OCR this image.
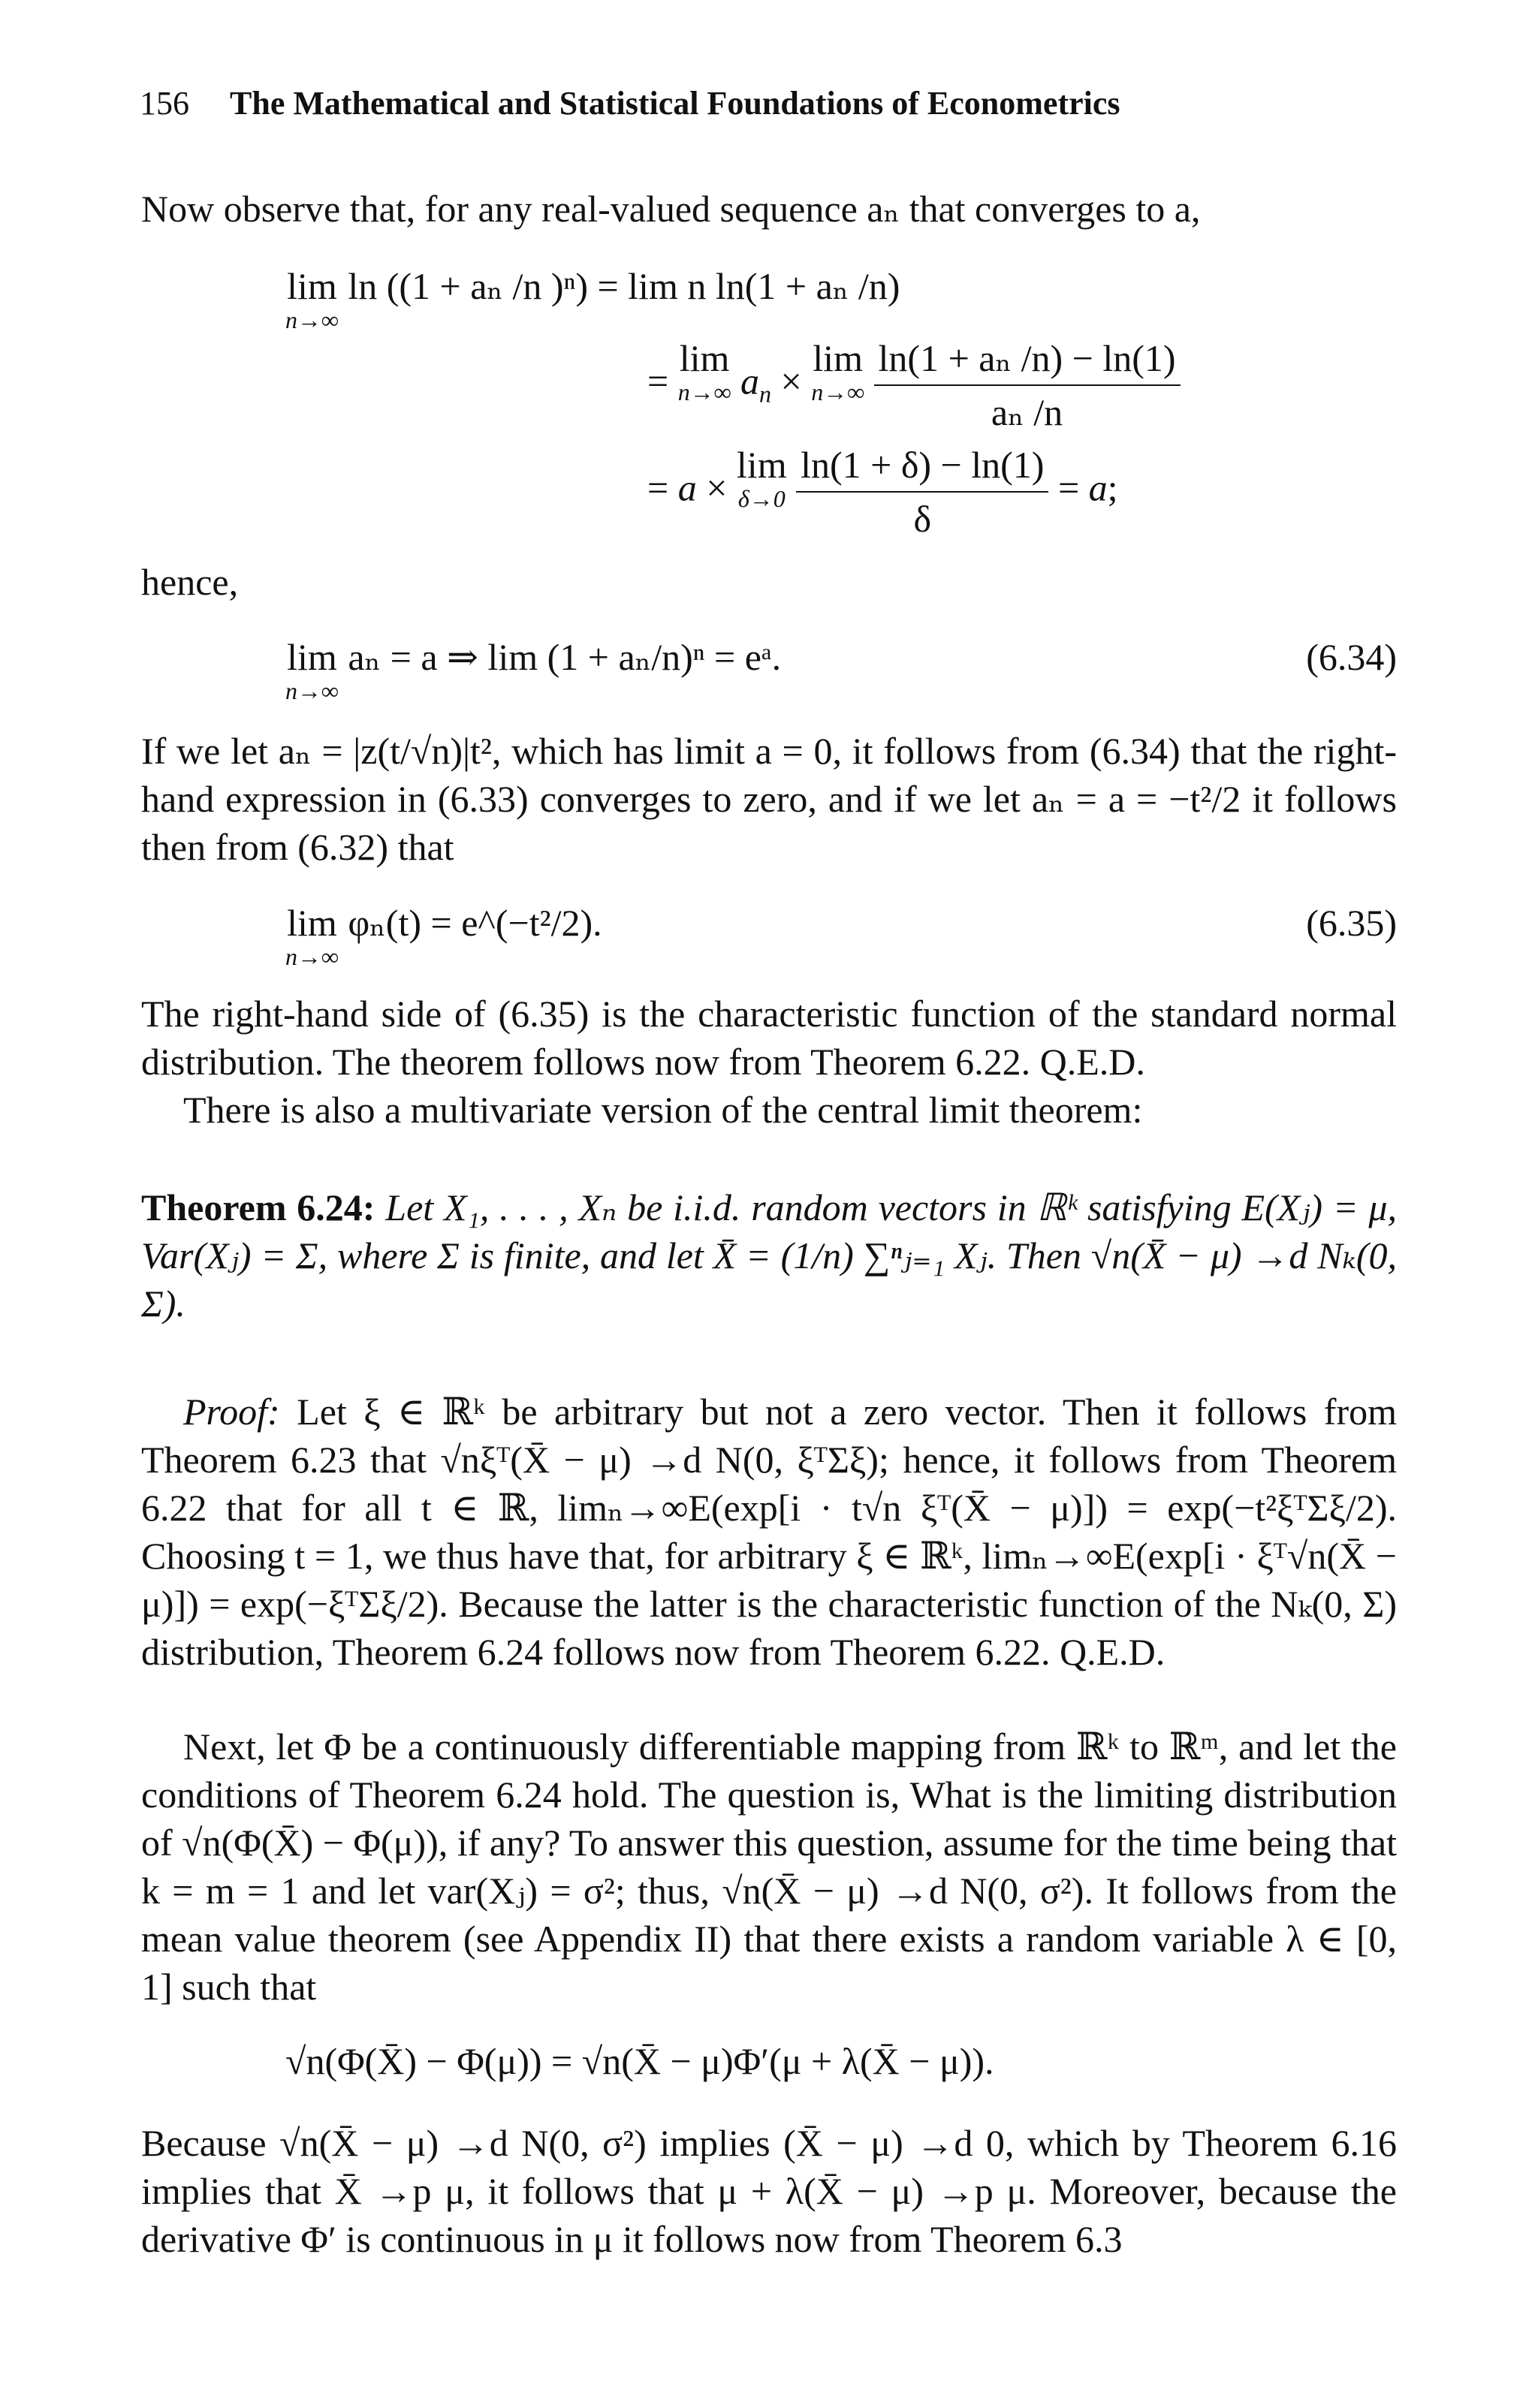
156 The Mathematical and Statistical Foundations of Econometrics
Now observe that, for any real-valued sequence aₙ that converges to a,
lim
n→∞
ln ((1 + aₙ /n )ⁿ) = lim n ln(1 + aₙ /n)
=
lim
n→∞ $a_n$ ×
lim
n→∞
$\frac{\text{ln(1 + aₙ /n) − ln(1)}}{\text{aₙ /n}}$
= a ×
lim
δ→0
$\frac{\ln(1 + \delta) - \ln(1)}{\delta} = a$;
hence,
lim
n→∞
aₙ = a ⇒ lim (1 + aₙ/n)ⁿ = eᵃ.	(6.34)
If we let aₙ = |z(t/√n)|t², which has limit a = 0, it follows from (6.34) that the right-hand expression in (6.33) converges to zero, and if we let aₙ = a = −t²/2 it follows then from (6.32) that
lim
n→∞
φₙ(t) = e^(−t²/2).	(6.35)
The right-hand side of (6.35) is the characteristic function of the standard normal distribution. The theorem follows now from Theorem 6.22. Q.E.D.
There is also a multivariate version of the central limit theorem:
Theorem 6.24: Let X₁, . . . , Xₙ be i.i.d. random vectors in ℝᵏ satisfying E(Xⱼ) = μ, Var(Xⱼ) = Σ, where Σ is finite, and let X̄ = (1/n) ∑ⁿⱼ₌₁ Xⱼ. Then √n(X̄ − μ) →d Nₖ(0, Σ).
Proof: Let ξ ∈ ℝᵏ be arbitrary but not a zero vector. Then it follows from Theorem 6.23 that √nξᵀ(X̄ − μ) →d N(0, ξᵀΣξ); hence, it follows from Theorem 6.22 that for all t ∈ ℝ, limₙ→∞E(exp[i · t√n ξᵀ(X̄ − μ)]) = exp(−t²ξᵀΣξ/2). Choosing t = 1, we thus have that, for arbitrary ξ ∈ ℝᵏ, limₙ→∞E(exp[i · ξᵀ√n(X̄ − μ)]) = exp(−ξᵀΣξ/2). Because the latter is the characteristic function of the Nₖ(0, Σ) distribution, Theorem 6.24 follows now from Theorem 6.22. Q.E.D.
Next, let Φ be a continuously differentiable mapping from ℝᵏ to ℝᵐ, and let the conditions of Theorem 6.24 hold. The question is, What is the limiting distribution of √n(Φ(X̄) − Φ(μ)), if any? To answer this question, assume for the time being that k = m = 1 and let var(Xⱼ) = σ²; thus, √n(X̄ − μ) →d N(0, σ²). It follows from the mean value theorem (see Appendix II) that there exists a random variable λ ∈ [0, 1] such that
√n(Φ(X̄) − Φ(μ)) = √n(X̄ − μ)Φ′(μ + λ(X̄ − μ)).
Because √n(X̄ − μ) →d N(0, σ²) implies (X̄ − μ) →d 0, which by Theorem 6.16 implies that X̄ →p μ, it follows that μ + λ(X̄ − μ) →p μ. Moreover, because the derivative Φ′ is continuous in μ it follows now from Theorem 6.3
